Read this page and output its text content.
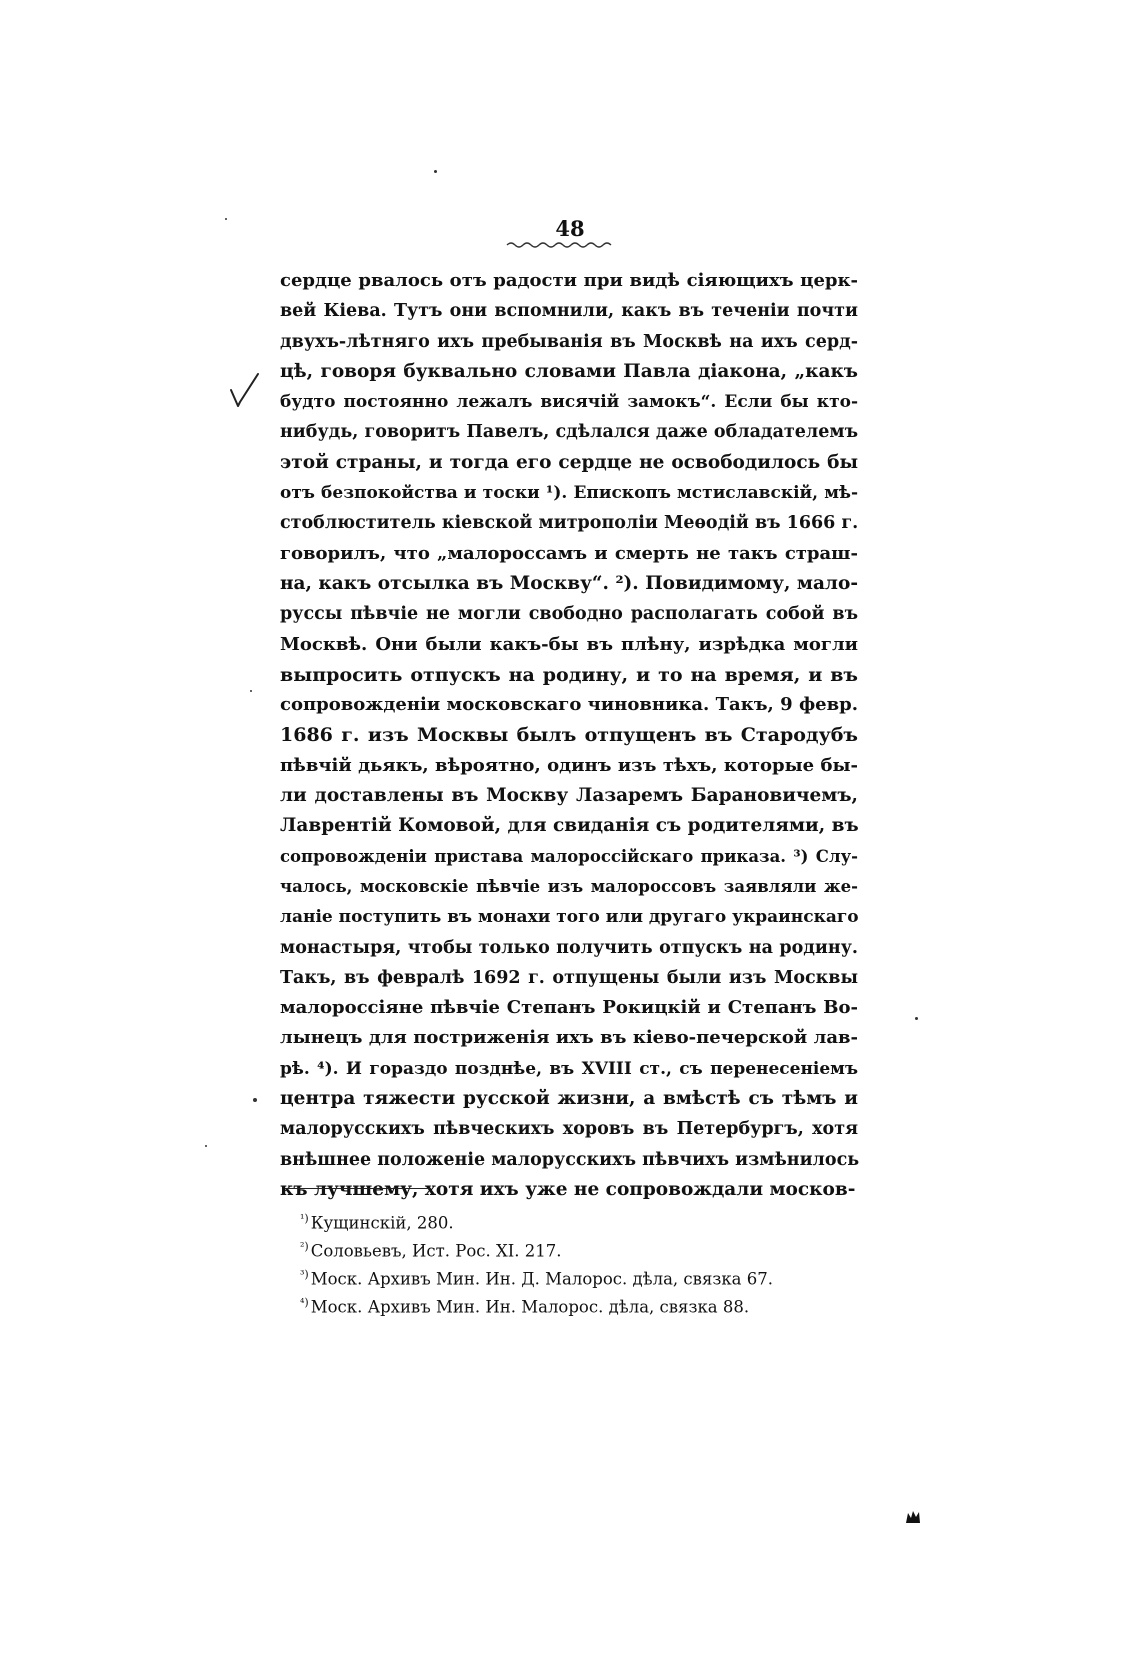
48
сердце рвалось отъ радости при видѣ сіяющихъ церк-
вей Кіева. Тутъ они вспомнили, какъ въ теченіи почти
двухъ-лѣтняго ихъ пребыванія въ Москвѣ на ихъ серд-
цѣ, говоря буквально словами Павла діакона, „какъ
будто постоянно лежалъ висячій замокъ“. Если бы кто-
нибудь, говоритъ Павелъ, сдѣлался даже обладателемъ
этой страны, и тогда его сердце не освободилось бы
отъ безпокойства и тоски ¹). Епископъ мстиславскій, мѣ-
стоблюститель кіевской митрополіи Меѳодій въ 1666 г.
говорилъ, что „малороссамъ и смерть не такъ страш-
на, какъ отсылка въ Москву“. ²). Повидимому, мало-
руссы пѣвчіе не могли свободно располагать собой въ
Москвѣ. Они были какъ-бы въ плѣну, изрѣдка могли
выпросить отпускъ на родину, и то на время, и въ
сопровожденіи московскаго чиновника. Такъ, 9 февр.
1686 г. изъ Москвы былъ отпущенъ въ Стародубъ
пѣвчій дьякъ, вѣроятно, одинъ изъ тѣхъ, которые бы-
ли доставлены въ Москву Лазаремъ Барановичемъ,
Лаврентій Комовой, для свиданія съ родителями, въ
сопровожденіи пристава малороссійскаго приказа. ³) Слу-
чалось, московскіе пѣвчіе изъ малороссовъ заявляли же-
ланіе поступить въ монахи того или другаго украинскаго
монастыря, чтобы только получить отпускъ на родину.
Такъ, въ февралѣ 1692 г. отпущены были изъ Москвы
малороссіяне пѣвчіе Степанъ Рокицкій и Степанъ Во-
лынецъ для постриженія ихъ въ кіево-печерской лав-
рѣ. ⁴). И гораздо позднѣе, въ XVIII ст., съ перенесеніемъ
центра тяжести русской жизни, а вмѣстѣ съ тѣмъ и
малорусскихъ пѣвческихъ хоровъ въ Петербургъ, хотя
внѣшнее положеніе малорусскихъ пѣвчихъ измѣнилось
къ лучшему, хотя ихъ уже не сопровождали москов-
$^{^1)}$ Кущинскій, 280.
$^{^2)}$ Соловьевъ, Ист. Рос. XI. 217.
$^{^3)}$ Моск. Архивъ Мин. Ин. Д. Малорос. дѣла, связка 67.
$^{^4)}$ Моск. Архивъ Мин. Ин. Малорос. дѣла, связка 88.
